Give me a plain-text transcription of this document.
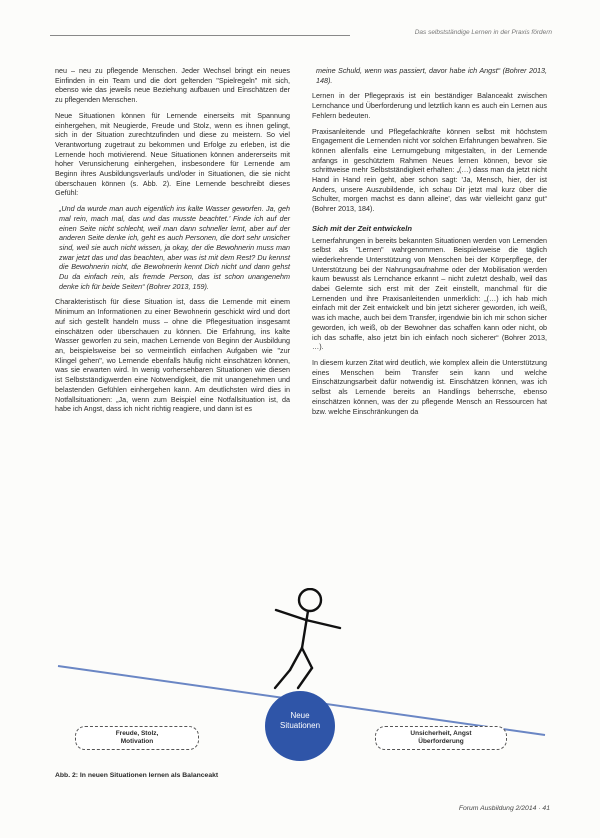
Das selbstständige Lernen in der Praxis fördern

neu – neu zu pflegende Menschen. Jeder Wechsel bringt ein neues Einfinden in ein Team und die dort geltenden "Spielregeln" mit sich, ebenso wie das jeweils neue Beziehung aufbauen und Einschätzen der zu pflegenden Menschen.

Neue Situationen können für Lernende einerseits mit Spannung einhergehen, mit Neugierde, Freude und Stolz, wenn es ihnen gelingt, sich in der Situation zurechtzufinden und diese zu meistern. So viel Verantwortung zugetraut zu bekommen und Erfolge zu erleben, ist die Lernende hoch motivierend. Neue Situationen können andererseits mit hoher Verunsicherung einhergehen, insbesondere für Lernende am Beginn ihres Ausbildungsverlaufs und/oder in Situationen, die sie nicht überschauen können (s. Abb. 2). Eine Lernende beschreibt dieses Gefühl:

„Und da wurde man auch eigentlich ins kalte Wasser geworfen. Ja, geh mal rein, mach mal, das und das musste beachtet.’ Finde ich auf der einen Seite nicht schlecht, weil man dann schneller lernt, aber auf der anderen Seite denke ich, geht es auch Personen, die dort sehr unsicher sind, weil sie auch nicht wissen, ja okay, der die Bewohnerin muss man zwar jetzt das und das beachten, aber was ist mit dem Rest? Du kennst die Bewohnerin nicht, die Bewohnerin kennt Dich nicht und dann gehst Du da einfach rein, als fremde Person, das ist schon unangenehm denke ich für beide Seiten“ (Bohrer 2013, 159).

Charakteristisch für diese Situation ist, dass die Lernende mit einem Minimum an Informationen zu einer Bewohnerin geschickt wird und dort auf sich gestellt handeln muss – ohne die Pflegesituation insgesamt einschätzen oder überschauen zu können. Die Erfahrung, ins kalte Wasser geworfen zu sein, machen Lernende von Beginn der Ausbildung an, beispielsweise bei so vermeintlich einfachen Aufgaben wie "zur Klingel gehen", wo Lernende ebenfalls häufig nicht einschätzen können, was sie erwarten wird. In wenig vorhersehbaren Situationen wie diesen ist Selbstständigwerden eine Notwendigkeit, die mit unangenehmen und belastenden Gefühlen einhergehen kann. Am deutlichsten wird dies in Notfallsituationen: „Ja, wenn zum Beispiel eine Notfallsituation ist, da habe ich Angst, dass ich nicht richtig reagiere, und dann ist es

meine Schuld, wenn was passiert, davor habe ich Angst“ (Bohrer 2013, 148).

Lernen in der Pflegepraxis ist ein beständiger Balanceakt zwischen Lernchance und Überforderung und letztlich kann es auch ein Lernen aus Fehlern bedeuten.

Praxisanleitende und Pflegefachkräfte können selbst mit höchstem Engagement die Lernenden nicht vor solchen Erfahrungen bewahren. Sie können allenfalls eine Lernumgebung mitgestalten, in der Lernende anfangs in geschütztem Rahmen Neues lernen können, bevor sie schrittweise mehr Selbstständigkeit erhalten: „(…) dass man da jetzt nicht Hand in Hand rein geht, aber schon sagt: 'Ja, Mensch, hier, der ist Anders, unsere Auszubildende, ich schau Dir jetzt mal kurz über die Schulter, morgen machst es dann alleine', das wär vielleicht ganz gut“ (Bohrer 2013, 184).

Sich mit der Zeit entwickeln

Lernerfahrungen in bereits bekannten Situationen werden von Lernenden selbst als "Lernen" wahrgenommen. Beispielsweise die täglich wiederkehrende Unterstützung von Menschen bei der Körperpflege, der Unterstützung bei der Nahrungsaufnahme oder der Mobilisation werden kaum bewusst als Lernchance erkannt – nicht zuletzt deshalb, weil das dabei Gelernte sich erst mit der Zeit einstellt, manchmal für die Lernenden und ihre Praxisanleitenden unmerklich: „(…) ich hab mich einfach mit der Zeit entwickelt und bin jetzt sicherer geworden, ich weiß, was ich mache, auch bei dem Transfer, irgendwie bin ich mir schon sicher geworden, ich weiß, ob der Bewohner das schaffen kann oder nicht, ob ich das schaffe, also jetzt bin ich einfach noch sicherer“ (Bohrer 2013, …).

In diesem kurzen Zitat wird deutlich, wie komplex allein die Unterstützung eines Menschen beim Transfer sein kann und welche Einschätzungsarbeit dafür notwendig ist. Einschätzen können, was ich selbst als Lernende bereits an Handlings beherrsche, ebenso einschätzen können, was der zu pflegende Mensch an Ressourcen hat bzw. welche Einschränkungen da

Neue
Situationen
Freude, Stolz,
Motivation
Unsicherheit, Angst
Überforderung
Abb. 2: In neuen Situationen lernen als Balanceakt
Forum Ausbildung 2/2014 · 41
